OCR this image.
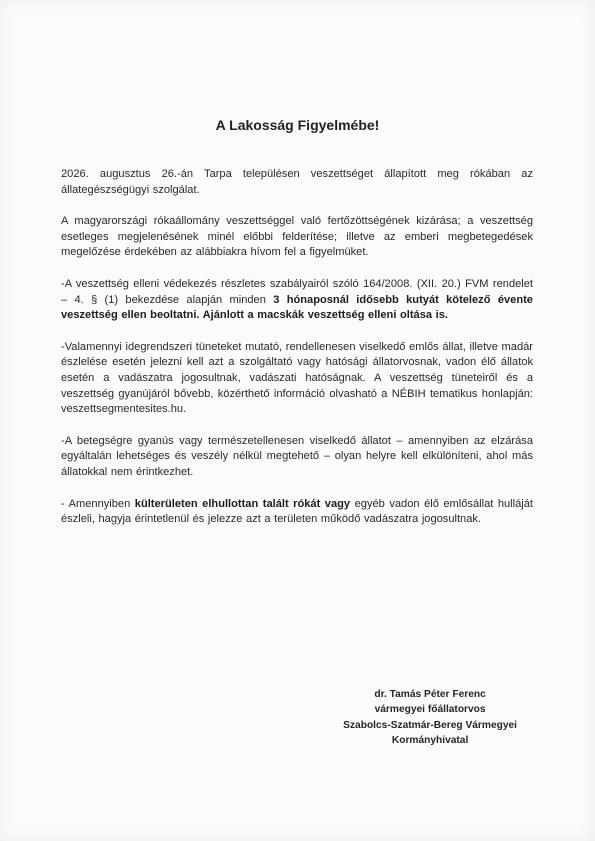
A Lakosság Figyelmébe!

2026. augusztus 26.-án Tarpa településen veszettséget állapított meg rókában az állategészségügyi szolgálat.

A magyarországi rókaállomány veszettséggel való fertőzöttségének kizárása; a veszettség esetleges megjelenésének minél előbbi felderítése; illetve az emberi megbetegedések megelőzése érdekében az alábbiakra hívom fel a figyelmüket.

-A veszettség elleni védekezés részletes szabályairól szóló 164/2008. (XII. 20.) FVM rendelet – 4. § (1) bekezdése alapján minden 3 hónaposnál idősebb kutyát kötelező évente veszettség ellen beoltatni. Ajánlott a macskák veszettség elleni oltása is.

-Valamennyi idegrendszeri tüneteket mutató, rendellenesen viselkedő emlős állat, illetve madár észlelése esetén jelezni kell azt a szolgáltató vagy hatósági állatorvosnak, vadon élő állatok esetén a vadászatra jogosultnak, vadászati hatóságnak. A veszettség tüneteiről és a veszettség gyanújáról bővebb, közérthető információ olvasható a NÉBIH tematikus honlapján: veszettsegmentesites.hu.

-A betegségre gyanús vagy természetellenesen viselkedő állatot – amennyiben az elzárása egyáltalán lehetséges és veszély nélkül megtehető – olyan helyre kell elkülöníteni, ahol más állatokkal nem érintkezhet.

- Amennyiben külterületen elhullottan talált rókát vagy egyéb vadon élő emlősállat hulláját észleli, hagyja érintetlenül és jelezze azt a területen működő vadászatra jogosultnak.

dr. Tamás Péter Ferenc
vármegyei főállatorvos
Szabolcs-Szatmár-Bereg Vármegyei
Kormányhivatal
